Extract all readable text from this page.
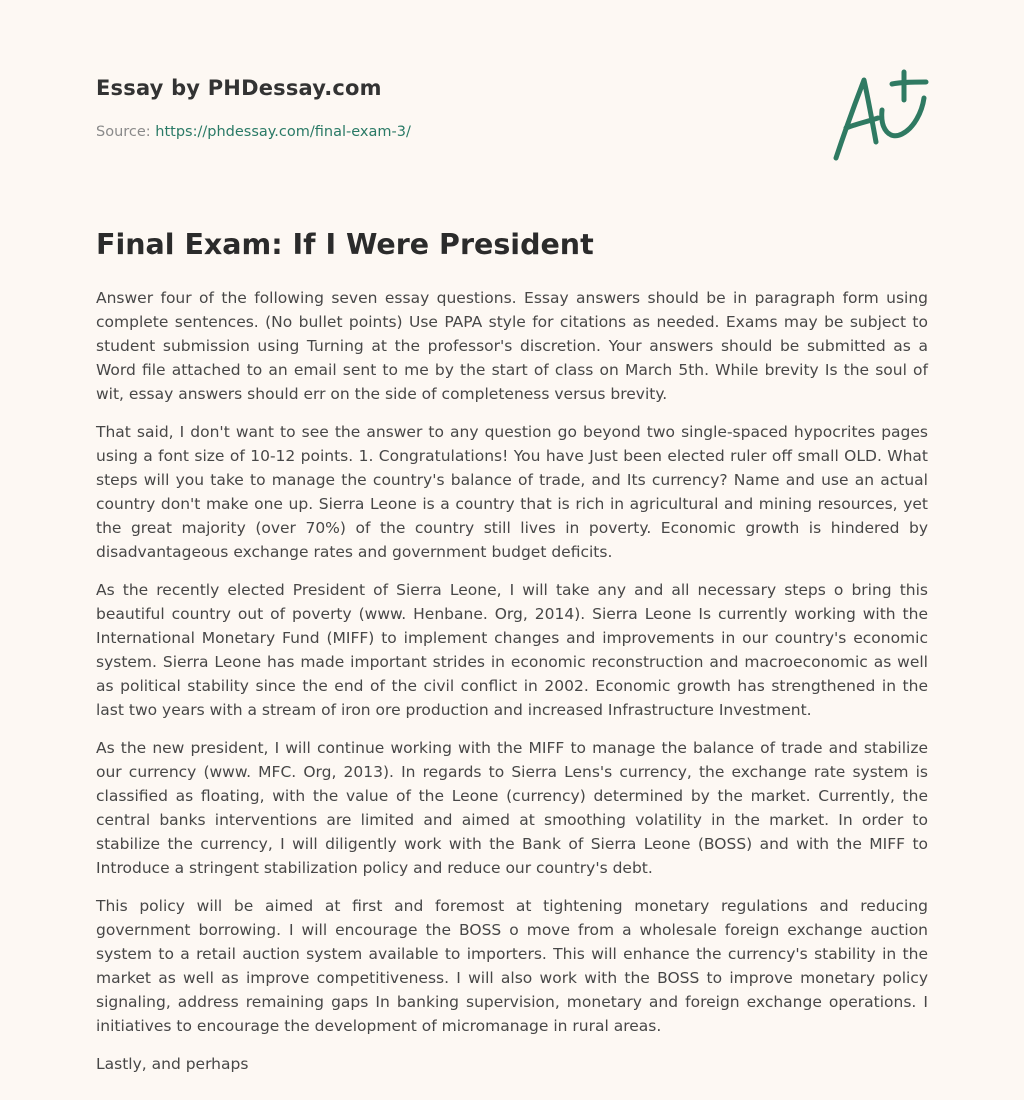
Essay by PHDessay.com
Source: https://phdessay.com/final-exam-3/
Final Exam: If I Were President

Answer four of the following seven essay questions. Essay answers should be in paragraph form using complete sentences. (No bullet points) Use PAPA style for citations as needed. Exams may be subject to student submission using Turning at the professor's discretion. Your answers should be submitted as a Word file attached to an email sent to me by the start of class on March 5th. While brevity Is the soul of wit, essay answers should err on the side of completeness versus brevity.

That said, I don't want to see the answer to any question go beyond two single-spaced hypocrites pages using a font size of 10-12 points. 1. Congratulations! You have Just been elected ruler off small OLD. What steps will you take to manage the country's balance of trade, and Its currency? Name and use an actual country don't make one up. Sierra Leone is a country that is rich in agricultural and mining resources, yet the great majority (over 70%) of the country still lives in poverty. Economic growth is hindered by disadvantageous exchange rates and government budget deficits.

As the recently elected President of Sierra Leone, I will take any and all necessary steps o bring this beautiful country out of poverty (www. Henbane. Org, 2014). Sierra Leone Is currently working with the International Monetary Fund (MIFF) to implement changes and improvements in our country's economic system. Sierra Leone has made important strides in economic reconstruction and macroeconomic as well as political stability since the end of the civil conflict in 2002. Economic growth has strengthened in the last two years with a stream of iron ore production and increased Infrastructure Investment.

As the new president, I will continue working with the MIFF to manage the balance of trade and stabilize our currency (www. MFC. Org, 2013). In regards to Sierra Lens's currency, the exchange rate system is classified as floating, with the value of the Leone (currency) determined by the market. Currently, the central banks interventions are limited and aimed at smoothing volatility in the market. In order to stabilize the currency, I will diligently work with the Bank of Sierra Leone (BOSS) and with the MIFF to Introduce a stringent stabilization policy and reduce our country's debt.

This policy will be aimed at first and foremost at tightening monetary regulations and reducing government borrowing. I will encourage the BOSS o move from a wholesale foreign exchange auction system to a retail auction system available to importers. This will enhance the currency's stability in the market as well as improve competitiveness. I will also work with the BOSS to improve monetary policy signaling, address remaining gaps In banking supervision, monetary and foreign exchange operations. I initiatives to encourage the development of micromanage in rural areas.

Lastly, and perhaps
